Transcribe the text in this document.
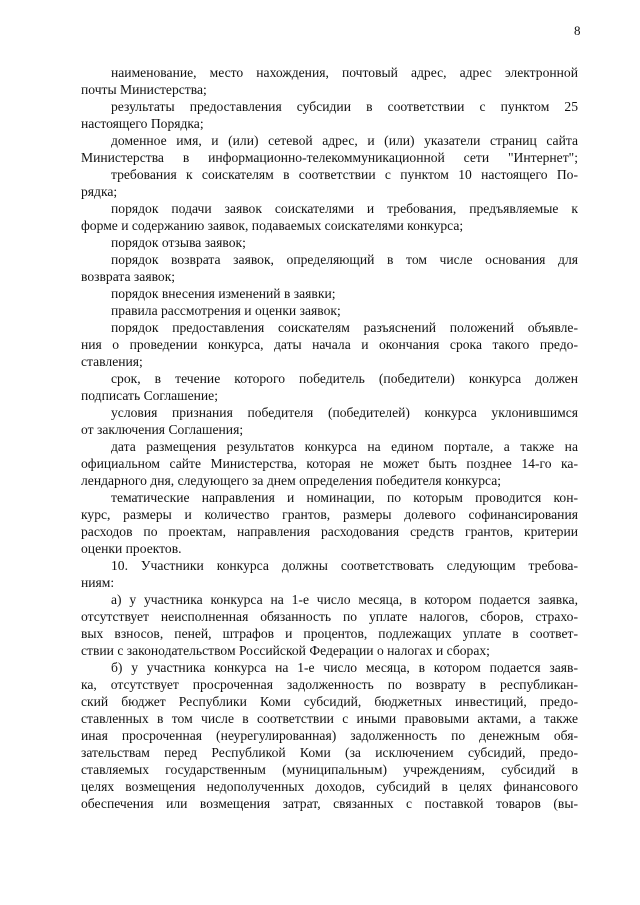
8
наименование, место нахождения, почтовый адрес, адрес электронной
почты Министерства;
результаты предоставления субсидии в соответствии с пунктом 25
настоящего Порядка;
доменное имя, и (или) сетевой адрес, и (или) указатели страниц сайта
Министерства в информационно-телекоммуникационной сети "Интернет";
требования к соискателям в соответствии с пунктом 10 настоящего По-
рядка;
порядок подачи заявок соискателями и требования, предъявляемые к
форме и содержанию заявок, подаваемых соискателями конкурса;
порядок отзыва заявок;
порядок возврата заявок, определяющий в том числе основания для
возврата заявок;
порядок внесения изменений в заявки;
правила рассмотрения и оценки заявок;
порядок предоставления соискателям разъяснений положений объявле-
ния о проведении конкурса, даты начала и окончания срока такого предо-
ставления;
срок, в течение которого победитель (победители) конкурса должен
подписать Соглашение;
условия признания победителя (победителей) конкурса уклонившимся
от заключения Соглашения;
дата размещения результатов конкурса на едином портале, а также на
официальном сайте Министерства, которая не может быть позднее 14-го ка-
лендарного дня, следующего за днем определения победителя конкурса;
тематические направления и номинации, по которым проводится кон-
курс, размеры и количество грантов, размеры долевого софинансирования
расходов по проектам, направления расходования средств грантов, критерии
оценки проектов.
10. Участники конкурса должны соответствовать следующим требова-
ниям:
а) у участника конкурса на 1-е число месяца, в котором подается заявка,
отсутствует неисполненная обязанность по уплате налогов, сборов, страхо-
вых взносов, пеней, штрафов и процентов, подлежащих уплате в соответ-
ствии с законодательством Российской Федерации о налогах и сборах;
б) у участника конкурса на 1-е число месяца, в котором подается заяв-
ка, отсутствует просроченная задолженность по возврату в республикан-
ский бюджет Республики Коми субсидий, бюджетных инвестиций, предо-
ставленных в том числе в соответствии с иными правовыми актами, а также
иная просроченная (неурегулированная) задолженность по денежным обя-
зательствам перед Республикой Коми (за исключением субсидий, предо-
ставляемых государственным (муниципальным) учреждениям, субсидий в
целях возмещения недополученных доходов, субсидий в целях финансового
обеспечения или возмещения затрат, связанных с поставкой товаров (вы-
